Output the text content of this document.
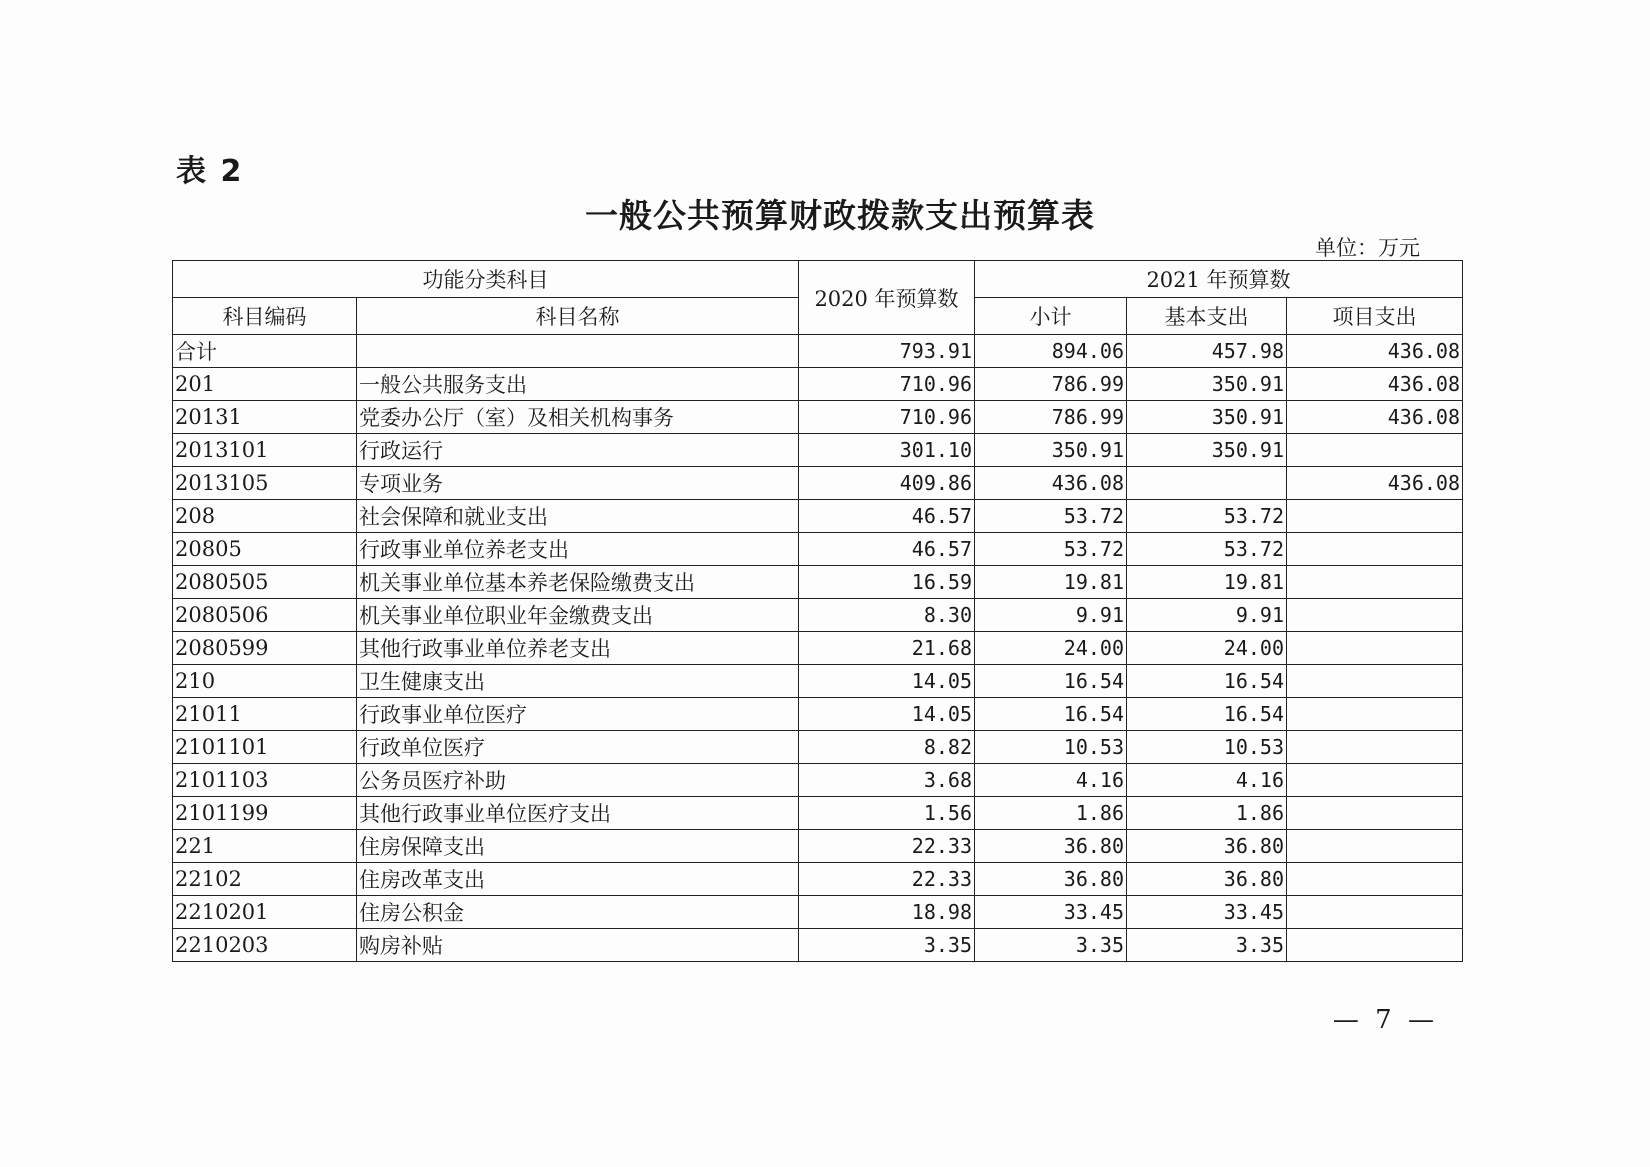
表 2
一般公共预算财政拨款支出预算表
单位：万元
功能分类科目		2020 年预算数	2021 年预算数		
科目编码	科目名称		小计	基本支出	项目支出
合计		793.91	894.06	457.98	436.08
201	一般公共服务支出	710.96	786.99	350.91	436.08
20131	党委办公厅（室）及相关机构事务	710.96	786.99	350.91	436.08
2013101	行政运行	301.10	350.91	350.91	
2013105	专项业务	409.86	436.08		436.08
208	社会保障和就业支出	46.57	53.72	53.72	
20805	行政事业单位养老支出	46.57	53.72	53.72	
2080505	机关事业单位基本养老保险缴费支出	16.59	19.81	19.81	
2080506	机关事业单位职业年金缴费支出	8.30	9.91	9.91	
2080599	其他行政事业单位养老支出	21.68	24.00	24.00	
210	卫生健康支出	14.05	16.54	16.54	
21011	行政事业单位医疗	14.05	16.54	16.54	
2101101	行政单位医疗	8.82	10.53	10.53	
2101103	公务员医疗补助	3.68	4.16	4.16	
2101199	其他行政事业单位医疗支出	1.56	1.86	1.86	
221	住房保障支出	22.33	36.80	36.80	
22102	住房改革支出	22.33	36.80	36.80	
2210201	住房公积金	18.98	33.45	33.45	
2210203	购房补贴	3.35	3.35	3.35	
— 7 —
